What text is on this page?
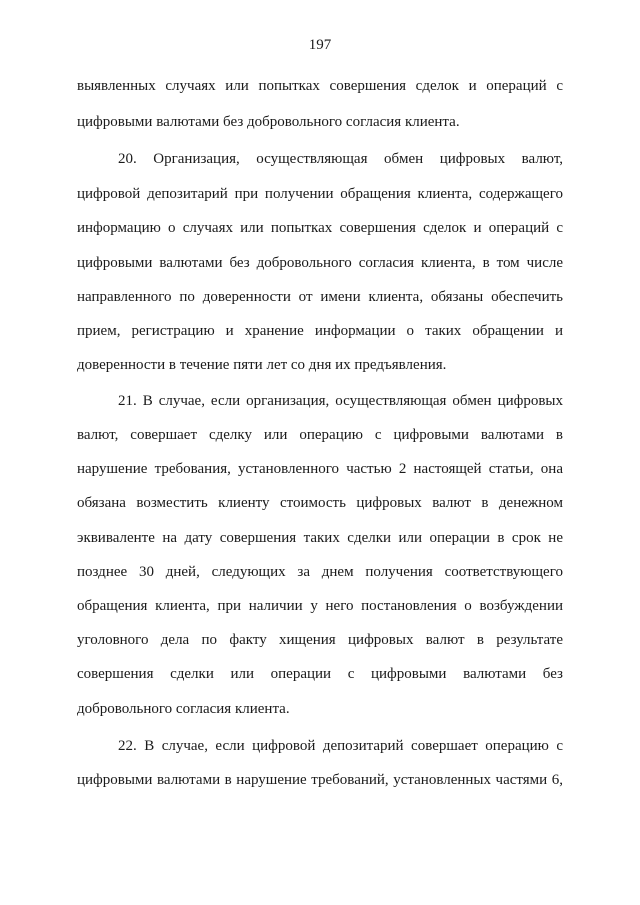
197
выявленных случаях или попытках совершения сделок и операций с
цифровыми валютами без добровольного согласия клиента.
20. Организация, осуществляющая обмен цифровых валют,
цифровой депозитарий при получении обращения клиента, содержащего
информацию о случаях или попытках совершения сделок и операций с
цифровыми валютами без добровольного согласия клиента, в том числе
направленного по доверенности от имени клиента, обязаны обеспечить
прием, регистрацию и хранение информации о таких обращении и
доверенности в течение пяти лет со дня их предъявления.
21. В случае, если организация, осуществляющая обмен цифровых
валют, совершает сделку или операцию с цифровыми валютами в
нарушение требования, установленного частью 2 настоящей статьи, она
обязана возместить клиенту стоимость цифровых валют в денежном
эквиваленте на дату совершения таких сделки или операции в срок не
позднее 30 дней, следующих за днем получения соответствующего
обращения клиента, при наличии у него постановления о возбуждении
уголовного дела по факту хищения цифровых валют в результате
совершения сделки или операции с цифровыми валютами без
добровольного согласия клиента.
22. В случае, если цифровой депозитарий совершает операцию с
цифровыми валютами в нарушение требований, установленных частями 6,
